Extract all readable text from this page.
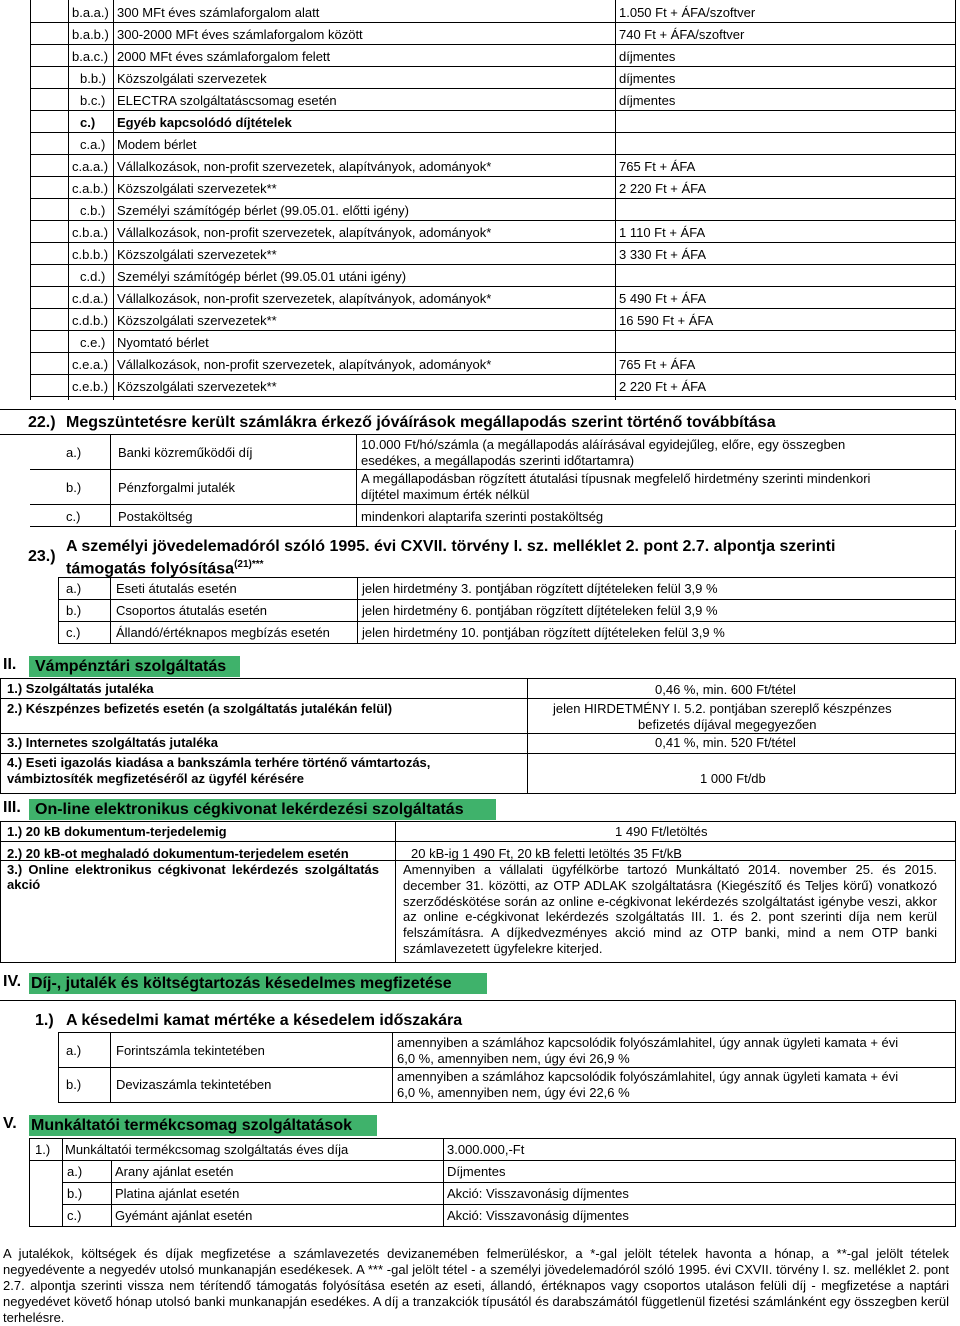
b.a.a.) 300 MFt éves számlaforgalom alatt	1.050 Ft + ÁFA/szoftver
b.a.b.) 300-2000 MFt éves számlaforgalom között	740 Ft + ÁFA/szoftver
b.a.c.) 2000 MFt éves számlaforgalom felett	díjmentes
b.b.) Közszolgálati szervezetek	díjmentes
b.c.) ELECTRA szolgáltatáscsomag esetén	díjmentes
c.) Egyéb kapcsolódó díjtételek
c.a.) Modem bérlet
c.a.a.) Vállalkozások, non-profit szervezetek, alapítványok, adományok*	765 Ft + ÁFA
c.a.b.) Közszolgálati szervezetek**	2 220 Ft + ÁFA
c.b.) Személyi számítógép bérlet (99.05.01. előtti igény)
c.b.a.) Vállalkozások, non-profit szervezetek, alapítványok, adományok*	1 110 Ft + ÁFA
c.b.b.) Közszolgálati szervezetek**	3 330 Ft + ÁFA
c.d.) Személyi számítógép bérlet (99.05.01 utáni igény)
c.d.a.) Vállalkozások, non-profit szervezetek, alapítványok, adományok*	5 490 Ft + ÁFA
c.d.b.) Közszolgálati szervezetek**	16 590 Ft + ÁFA
c.e.) Nyomtató bérlet
c.e.a.) Vállalkozások, non-profit szervezetek, alapítványok, adományok*	765 Ft + ÁFA
c.e.b.) Közszolgálati szervezetek**	2 220 Ft + ÁFA
22.) Megszüntetésre került számlákra érkező jóváírások megállapodás szerint történő továbbítása
a.)	Banki közreműködői díj
10.000 Ft/hó/számla (a megállapodás aláírásával egyidejűleg, előre, egy összegben
esedékes, a megállapodás szerinti időtartamra)
b.)	Pénzforgalmi jutalék
A megállapodásban rögzített átutalási típusnak megfelelő hirdetmény szerinti mindenkori
díjtétel maximum érték nélkül
c.)	Postaköltség	mindenkori alaptarifa szerinti postaköltség
23.)
A személyi jövedelemadóról szóló 1995. évi CXVII. törvény I. sz. melléklet 2. pont 2.7. alpontja szerinti
támogatás folyósítása$^{(21)***}$
a.)	Eseti átutalás esetén	jelen hirdetmény 3. pontjában rögzített díjtételeken felül 3,9 %
b.)	Csoportos átutalás esetén	jelen hirdetmény 6. pontjában rögzített díjtételeken felül 3,9 %
c.)	Állandó/értéknapos megbízás esetén jelen hirdetmény 10. pontjában rögzített díjtételeken felül 3,9 %
II. Vámpénztári szolgáltatás
1.) Szolgáltatás jutaléka	0,46 %, min. 600 Ft/tétel
2.) Készpénzes befizetés esetén (a szolgáltatás jutalékán felül)	jelen HIRDETMÉNY I. 5.2. pontjában szereplő készpénzes
befizetés díjával megegyezően
3.) Internetes szolgáltatás jutaléka	0,41 %, min. 520 Ft/tétel
4.) Eseti igazolás kiadása a bankszámla terhére történő vámtartozás,
vámbiztosíték megfizetéséről az ügyfél kérésére	1 000 Ft/db
III. On-line elektronikus cégkivonat lekérdezési szolgáltatás
1.) 20 kB dokumentum-terjedelemig	1 490 Ft/letöltés
2.) 20 kB-ot meghaladó dokumentum-terjedelem esetén	20 kB-ig 1 490 Ft, 20 kB feletti letöltés 35 Ft/kB
3.) Online elektronikus cégkivonat lekérdezés szolgáltatás akció
Amennyiben a vállalati ügyfélkörbe tartozó Munkáltató 2014. november 25. és 2015. december 31. közötti, az OTP ADLAK szolgáltatásra (Kiegészítő és Teljes körű) vonatkozó szerződéskötése során az online e-cégkivonat lekérdezés szolgáltatást igénybe veszi, akkor az online e-cégkivonat lekérdezés szolgáltatás III. 1. és 2. pont szerinti díja nem kerül felszámításra. A díjkedvezményes akció mind az OTP banki, mind a nem OTP banki számlavezetett ügyfelekre kiterjed.
IV. Díj-, jutalék és költségtartozás késedelmes megfizetése
1.) A késedelmi kamat mértéke a késedelem időszakára
a.)	Forintszámla tekintetében
amennyiben a számlához kapcsolódik folyószámlahitel, úgy annak ügyleti kamata + évi
6,0 %, amennyiben nem, úgy évi 26,9 %
b.)	Devizaszámla tekintetében
amennyiben a számlához kapcsolódik folyószámlahitel, úgy annak ügyleti kamata + évi
6,0 %, amennyiben nem, úgy évi 22,6 %
V. Munkáltatói termékcsomag szolgáltatások
1.) Munkáltatói termékcsomag szolgáltatás éves díja	3.000.000,-Ft
a.)	Arany ajánlat esetén	Díjmentes
b.)	Platina ajánlat esetén	Akció: Visszavonásig díjmentes
c.)	Gyémánt ajánlat esetén	Akció: Visszavonásig díjmentes
A jutalékok, költségek és díjak megfizetése a számlavezetés devizanemében felmerüléskor, a *-gal jelölt tételek havonta a hónap, a **-gal jelölt tételek negyedévente a negyedév utolsó munkanapján esedékesek. A *** -gal jelölt tétel - a személyi jövedelemadóról szóló 1995. évi CXVII. törvény I. sz. melléklet 2. pont 2.7. alpontja szerinti vissza nem térítendő támogatás folyósítása esetén az eseti, állandó, értéknapos vagy csoportos utaláson felüli díj - megfizetése a naptári negyedévet követő hónap utolsó banki munkanapján esedékes. A díj a tranzakciók típusától és darabszámától függetlenül fizetési számlánként egy összegben kerül terhelésre.
